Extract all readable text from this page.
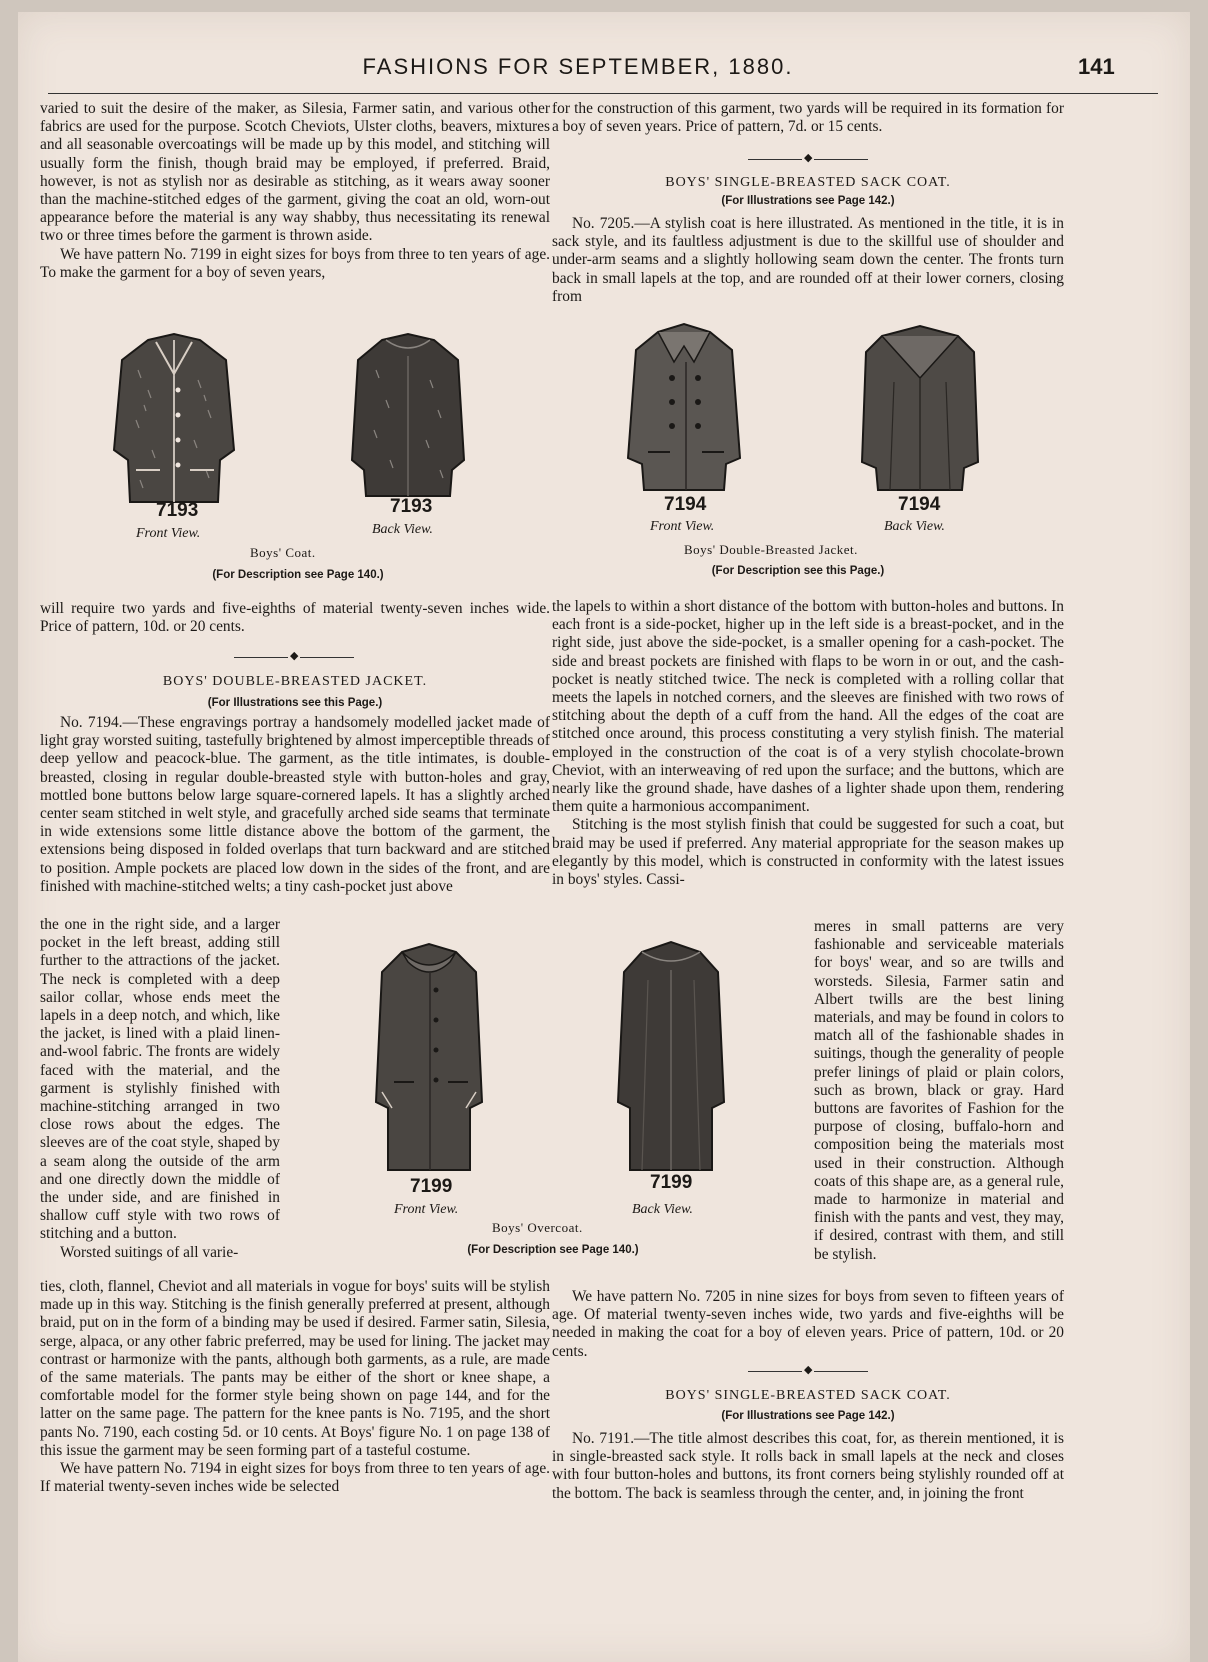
FASHIONS FOR SEPTEMBER, 1880.	141

varied to suit the desire of the maker, as Silesia, Farmer satin, and various other fabrics are used for the purpose. Scotch Cheviots, Ulster cloths, beavers, mixtures and all seasonable overcoatings will be made up by this model, and stitching will usually form the finish, though braid may be employed, if preferred. Braid, however, is not as stylish nor as desirable as stitching, as it wears away sooner than the machine-stitched edges of the garment, giving the coat an old, worn-out appearance before the material is any way shabby, thus necessitating its renewal two or three times before the garment is thrown aside.

We have pattern No. 7199 in eight sizes for boys from three to ten years of age. To make the garment for a boy of seven years,

for the construction of this garment, two yards will be required in its formation for a boy of seven years. Price of pattern, 7d. or 15 cents.

◆
BOYS' SINGLE-BREASTED SACK COAT.
(For Illustrations see Page 142.)

No. 7205.—A stylish coat is here illustrated. As mentioned in the title, it is in sack style, and its faultless adjustment is due to the skillful use of shoulder and under-arm seams and a slightly hollowing seam down the center. The fronts turn back in small lapels at the top, and are rounded off at their lower corners, closing from

7193	7193
Front View.	Back View.
Boys' Coat.
(For Description see Page 140.)
7194	7194
Front View.	Back View.
Boys' Double-Breasted Jacket.
(For Description see this Page.)

will require two yards and five-eighths of material twenty-seven inches wide. Price of pattern, 10d. or 20 cents.

◆
BOYS' DOUBLE-BREASTED JACKET.
(For Illustrations see this Page.)

No. 7194.—These engravings portray a handsomely modelled jacket made of light gray worsted suiting, tastefully brightened by almost imperceptible threads of deep yellow and peacock-blue. The garment, as the title intimates, is double-breasted, closing in regular double-breasted style with button-holes and gray, mottled bone buttons below large square-cornered lapels. It has a slightly arched center seam stitched in welt style, and gracefully arched side seams that terminate in wide extensions some little distance above the bottom of the garment, the extensions being disposed in folded overlaps that turn backward and are stitched to position. Ample pockets are placed low down in the sides of the front, and are finished with machine-stitched welts; a tiny cash-pocket just above

the one in the right side, and a larger pocket in the left breast, adding still further to the attractions of the jacket. The neck is completed with a deep sailor collar, whose ends meet the lapels in a deep notch, and which, like the jacket, is lined with a plaid linen-and-wool fabric. The fronts are widely faced with the material, and the garment is stylishly finished with machine-stitching arranged in two close rows about the edges. The sleeves are of the coat style, shaped by a seam along the outside of the arm and one directly down the middle of the under side, and are finished in shallow cuff style with two rows of stitching and a button.

Worsted suitings of all varie-

7199	7199
Front View.	Back View.
Boys' Overcoat.
(For Description see Page 140.)

ties, cloth, flannel, Cheviot and all materials in vogue for boys' suits will be stylish made up in this way. Stitching is the finish generally preferred at present, although braid, put on in the form of a binding may be used if desired. Farmer satin, Silesia, serge, alpaca, or any other fabric preferred, may be used for lining. The jacket may contrast or harmonize with the pants, although both garments, as a rule, are made of the same materials. The pants may be either of the short or knee shape, a comfortable model for the former style being shown on page 144, and for the latter on the same page. The pattern for the knee pants is No. 7195, and the short pants No. 7190, each costing 5d. or 10 cents. At Boys' figure No. 1 on page 138 of this issue the garment may be seen forming part of a tasteful costume.

We have pattern No. 7194 in eight sizes for boys from three to ten years of age. If material twenty-seven inches wide be selected

the lapels to within a short distance of the bottom with button-holes and buttons. In each front is a side-pocket, higher up in the left side is a breast-pocket, and in the right side, just above the side-pocket, is a smaller opening for a cash-pocket. The side and breast pockets are finished with flaps to be worn in or out, and the cash-pocket is neatly stitched twice. The neck is completed with a rolling collar that meets the lapels in notched corners, and the sleeves are finished with two rows of stitching about the depth of a cuff from the hand. All the edges of the coat are stitched once around, this process constituting a very stylish finish. The material employed in the construction of the coat is of a very stylish chocolate-brown Cheviot, with an interweaving of red upon the surface; and the buttons, which are nearly like the ground shade, have dashes of a lighter shade upon them, rendering them quite a harmonious accompaniment.

Stitching is the most stylish finish that could be suggested for such a coat, but braid may be used if preferred. Any material appropriate for the season makes up elegantly by this model, which is constructed in conformity with the latest issues in boys' styles. Cassi-

meres in small patterns are very fashionable and serviceable materials for boys' wear, and so are twills and worsteds. Silesia, Farmer satin and Albert twills are the best lining materials, and may be found in colors to match all of the fashionable shades in suitings, though the generality of people prefer linings of plaid or plain colors, such as brown, black or gray. Hard buttons are favorites of Fashion for the purpose of closing, buffalo-horn and composition being the materials most used in their construction. Although coats of this shape are, as a general rule, made to harmonize in material and finish with the pants and vest, they may, if desired, contrast with them, and still be stylish.

We have pattern No. 7205 in nine sizes for boys from seven to fifteen years of age. Of material twenty-seven inches wide, two yards and five-eighths will be needed in making the coat for a boy of eleven years. Price of pattern, 10d. or 20 cents.

◆
BOYS' SINGLE-BREASTED SACK COAT.
(For Illustrations see Page 142.)

No. 7191.—The title almost describes this coat, for, as therein mentioned, it is in single-breasted sack style. It rolls back in small lapels at the neck and closes with four button-holes and buttons, its front corners being stylishly rounded off at the bottom. The back is seamless through the center, and, in joining the front
